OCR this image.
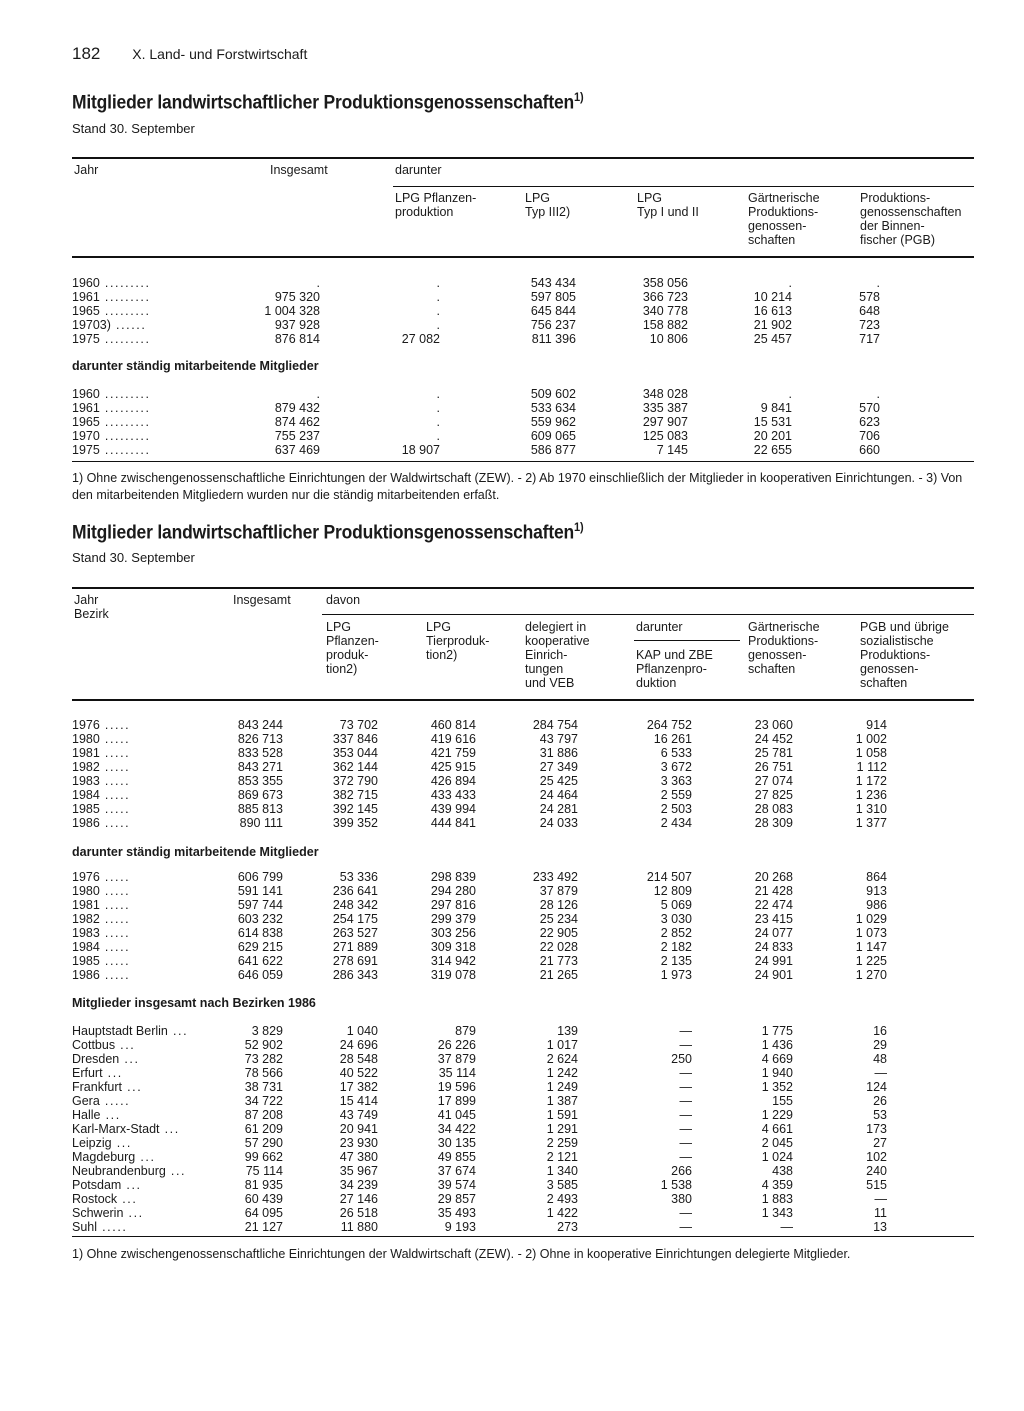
182 X. Land- und Forstwirtschaft
Mitglieder landwirtschaftlicher Produktionsgenossenschaften$^{1)}$
Stand 30. September
Jahr	Insgesamt	darunter
LPG Pflanzen-
produktion
LPG
Typ III2)
LPG
Typ I und II
Gärtnerische
Produktions-
genossen-
schaften
Produktions-
genossenschaften
der Binnen-
fischer (PGB)
1960 .........	.	.	543 434	358 056	.	.
1961 .........	975 320	.	597 805	366 723	10 214	578
1965 .........	1 004 328	.	645 844	340 778	16 613	648
19703) ......	937 928	.	756 237	158 882	21 902	723
1975 .........	876 814	27 082	811 396	10 806	25 457	717
darunter ständig mitarbeitende Mitglieder
1960 .........	.	.	509 602	348 028	.	.
1961 .........	879 432	.	533 634	335 387	9 841	570
1965 .........	874 462	.	559 962	297 907	15 531	623
1970 .........	755 237	.	609 065	125 083	20 201	706
1975 .........	637 469	18 907	586 877	7 145	22 655	660
1) Ohne zwischengenossenschaftliche Einrichtungen der Waldwirtschaft (ZEW). - 2) Ab 1970 einschließlich der Mitglieder in kooperativen Einrichtungen. - 3) Von den mitarbeitenden Mitgliedern wurden nur die ständig mitarbeitenden erfaßt.
Mitglieder landwirtschaftlicher Produktionsgenossenschaften$^{1)}$
Stand 30. September
Jahr
Bezirk
Insgesamt	davon
LPG
Pflanzen-
produk-
tion2)
LPG
Tierproduk-
tion2)
delegiert in
kooperative
Einrich-
tungen
und VEB
darunter
KAP und ZBE
Pflanzenpro-
duktion
Gärtnerische
Produktions-
genossen-
schaften
PGB und übrige
sozialistische
Produktions-
genossen-
schaften
1976 .....	843 244	73 702	460 814	284 754	264 752	23 060	914
1980 .....	826 713	337 846	419 616	43 797	16 261	24 452	1 002
1981 .....	833 528	353 044	421 759	31 886	6 533	25 781	1 058
1982 .....	843 271	362 144	425 915	27 349	3 672	26 751	1 112
1983 .....	853 355	372 790	426 894	25 425	3 363	27 074	1 172
1984 .....	869 673	382 715	433 433	24 464	2 559	27 825	1 236
1985 .....	885 813	392 145	439 994	24 281	2 503	28 083	1 310
1986 .....	890 111	399 352	444 841	24 033	2 434	28 309	1 377
darunter ständig mitarbeitende Mitglieder
1976 .....	606 799	53 336	298 839	233 492	214 507	20 268	864
1980 .....	591 141	236 641	294 280	37 879	12 809	21 428	913
1981 .....	597 744	248 342	297 816	28 126	5 069	22 474	986
1982 .....	603 232	254 175	299 379	25 234	3 030	23 415	1 029
1983 .....	614 838	263 527	303 256	22 905	2 852	24 077	1 073
1984 .....	629 215	271 889	309 318	22 028	2 182	24 833	1 147
1985 .....	641 622	278 691	314 942	21 773	2 135	24 991	1 225
1986 .....	646 059	286 343	319 078	21 265	1 973	24 901	1 270
Mitglieder insgesamt nach Bezirken 1986
Hauptstadt Berlin ...	3 829	1 040	879	139	—	1 775	16
Cottbus ...	52 902	24 696	26 226	1 017	—	1 436	29
Dresden ...	73 282	28 548	37 879	2 624	250	4 669	48
Erfurt ...	78 566	40 522	35 114	1 242	—	1 940	—
Frankfurt ...	38 731	17 382	19 596	1 249	—	1 352	124
Gera .....	34 722	15 414	17 899	1 387	—	155	26
Halle ...	87 208	43 749	41 045	1 591	—	1 229	53
Karl-Marx-Stadt ...	61 209	20 941	34 422	1 291	—	4 661	173
Leipzig ...	57 290	23 930	30 135	2 259	—	2 045	27
Magdeburg ...	99 662	47 380	49 855	2 121	—	1 024	102
Neubrandenburg ...	75 114	35 967	37 674	1 340	266	438	240
Potsdam ...	81 935	34 239	39 574	3 585	1 538	4 359	515
Rostock ...	60 439	27 146	29 857	2 493	380	1 883	—
Schwerin ...	64 095	26 518	35 493	1 422	—	1 343	11
Suhl .....	21 127	11 880	9 193	273	—	—	13
1) Ohne zwischengenossenschaftliche Einrichtungen der Waldwirtschaft (ZEW). - 2) Ohne in kooperative Einrichtungen delegierte Mitglieder.
